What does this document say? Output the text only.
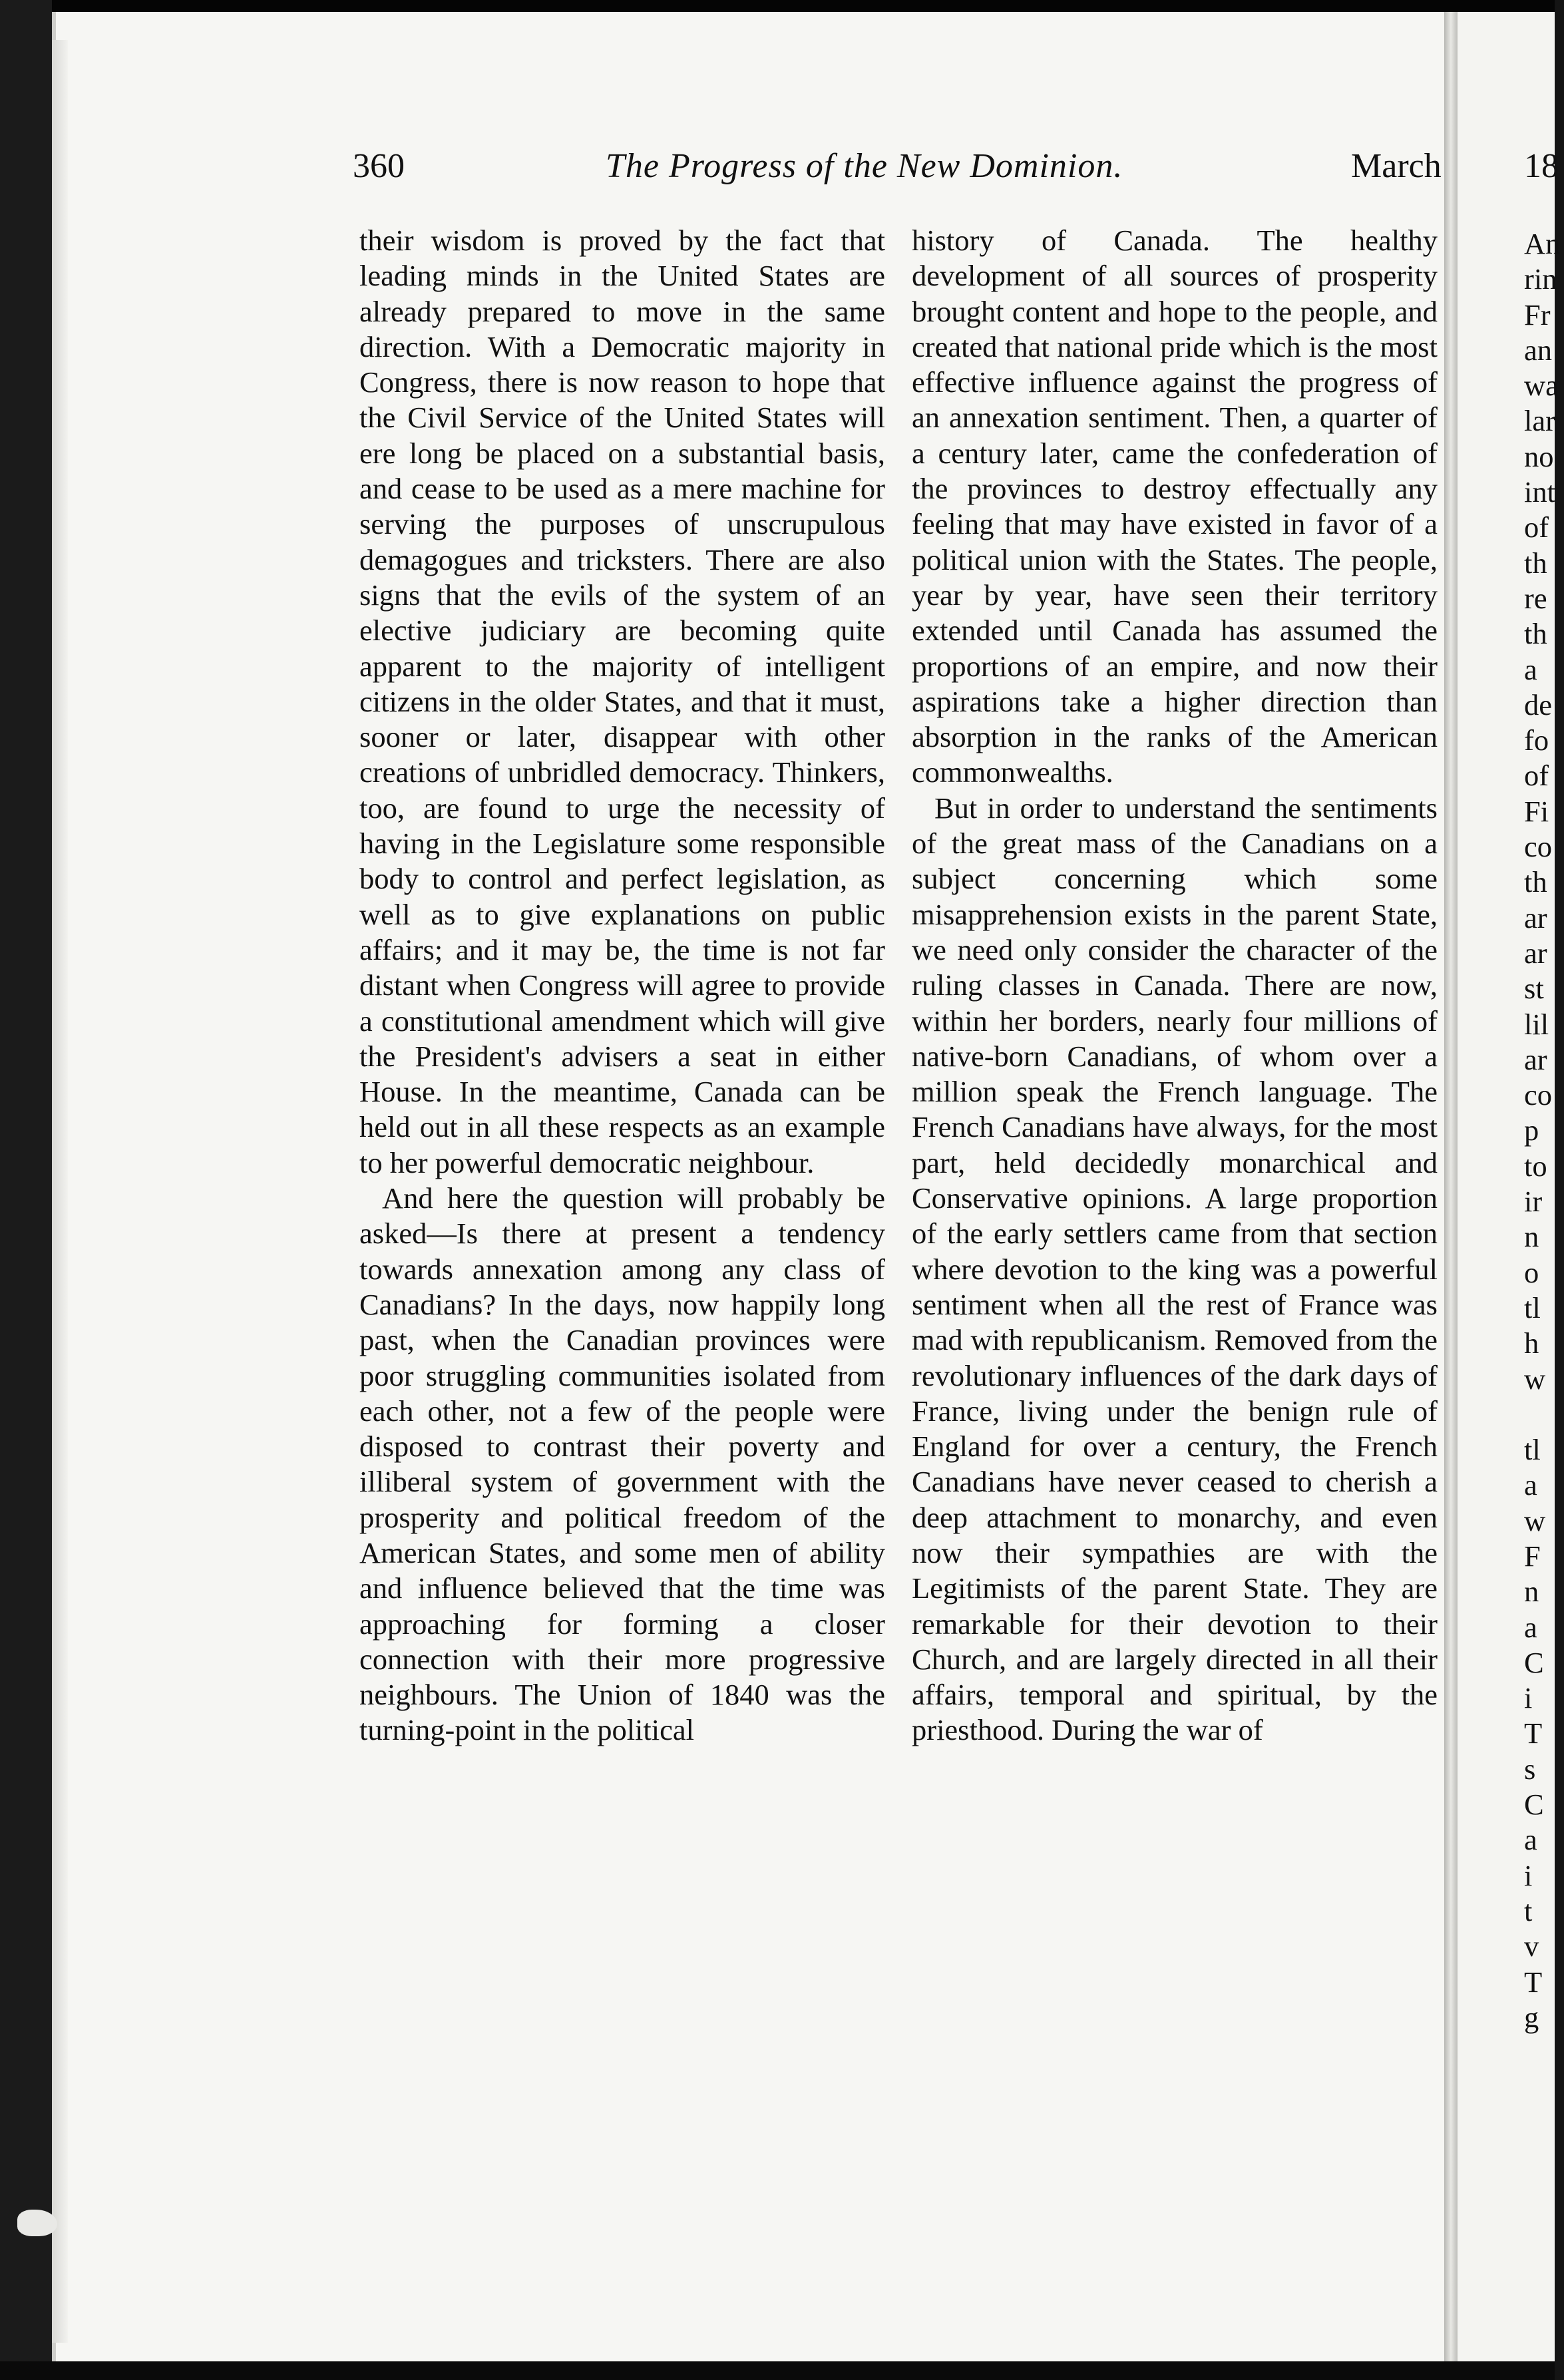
360	The Progress of the New Dominion.	March

their wisdom is proved by the fact that leading minds in the United States are already prepared to move in the same direction. With a Democratic majority in Congress, there is now reason to hope that the Civil Service of the United States will ere long be placed on a substantial basis, and cease to be used as a mere machine for serving the purposes of unscrupulous demagogues and tricksters. There are also signs that the evils of the system of an elective judiciary are becoming quite apparent to the majority of intelligent citizens in the older States, and that it must, sooner or later, disappear with other creations of unbridled democracy. Thinkers, too, are found to urge the necessity of having in the Legislature some responsible body to control and perfect legislation, as well as to give explanations on public affairs; and it may be, the time is not far distant when Congress will agree to provide a constitutional amendment which will give the President's advisers a seat in either House. In the meantime, Canada can be held out in all these respects as an example to her powerful democratic neighbour.

And here the question will probably be asked—Is there at present a tendency towards annexation among any class of Canadians? In the days, now happily long past, when the Canadian provinces were poor struggling communities isolated from each other, not a few of the people were disposed to contrast their poverty and illiberal system of government with the prosperity and political freedom of the American States, and some men of ability and influence believed that the time was approaching for forming a closer connection with their more progressive neighbours. The Union of 1840 was the turning-point in the political

history of Canada. The healthy development of all sources of prosperity brought content and hope to the people, and created that national pride which is the most effective influence against the progress of an annexation sentiment. Then, a quarter of a century later, came the confederation of the provinces to destroy effectually any feeling that may have existed in favor of a political union with the States. The people, year by year, have seen their territory extended until Canada has assumed the proportions of an empire, and now their aspirations take a higher direction than absorption in the ranks of the American commonwealths.

But in order to understand the sentiments of the great mass of the Canadians on a subject concerning which some misapprehension exists in the parent State, we need only consider the character of the ruling classes in Canada. There are now, within her borders, nearly four millions of native-born Canadians, of whom over a million speak the French language. The French Canadians have always, for the most part, held decidedly monarchical and Conservative opinions. A large proportion of the early settlers came from that section where devotion to the king was a powerful sentiment when all the rest of France was mad with republicanism. Removed from the revolutionary influences of the dark days of France, living under the benign rule of England for over a century, the French Canadians have never ceased to cherish a deep attachment to monarchy, and even now their sympathies are with the Legitimists of the parent State. They are remarkable for their devotion to their Church, and are largely directed in all their affairs, temporal and spiritual, by the priesthood. During the war of

18
An
rin
Fr
an
wa
lar
no
int
of
th
re
th
a
de
fo
of
Fi
co
th
ar
ar
st
lil
ar
co
p
to
ir
n
o
tl
h
w
tl
a
w
F
n
a
C
i
T
s
C
a
i
t
v
T
g
